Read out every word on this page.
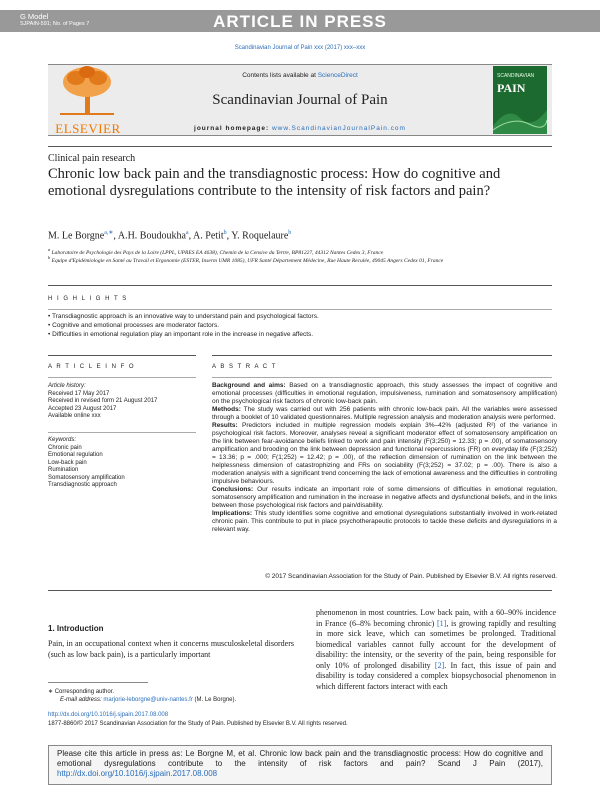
ARTICLE IN PRESS
G Model
SJPAIN-591; No. of Pages 7
Scandinavian Journal of Pain xxx (2017) xxx–xxx
ELSEVIER
Contents lists available at ScienceDirect
Scandinavian Journal of Pain
journal homepage: www.ScandinavianJournalPain.com
SCANDINAVIAN
PAIN
Clinical pain research
Chronic low back pain and the transdiagnostic process: How do cognitive and emotional dysregulations contribute to the intensity of risk factors and pain?
M. Le Borgne$^{a,∗}$, A.H. Boudoukha$^a$, A. Petit$^b$, Y. Roquelaure$^b$
$^a$ Laboratoire de Psychologie des Pays de la Loire (LPPL, UPRES EA 4638), Chemin de la Censive du Tertre, BP81227, 44312 Nantes Cedex 3, France
$^b$ Equipe d'Epidémiologie en Santé au Travail et Ergonomie (ESTER, Inserm UMR 1085), UFR Santé Département Médecine, Rue Haute Reculée, 49045 Angers Cedex 01, France
H I G H L I G H T S
• Transdiagnostic approach is an innovative way to understand pain and psychological factors.
• Cognitive and emotional processes are moderator factors.
• Difficulties in emotional regulation play an important role in the increase in negative affects.
A R T I C L E I N F O	A B S T R A C T
Article history:
Received 17 May 2017
Received in revised form 21 August 2017
Accepted 23 August 2017
Available online xxx
Keywords:
Chronic pain
Emotional regulation
Low-back pain
Rumination
Somatosensory amplification
Transdiagnostic approach
Background and aims: Based on a transdiagnostic approach, this study assesses the impact of cognitive and emotional processes (difficulties in emotional regulation, impulsiveness, rumination and somatosensory amplification) on the psychological risk factors of chronic low-back pain.
Methods: The study was carried out with 256 patients with chronic low-back pain. All the variables were assessed through a booklet of 10 validated questionnaires. Multiple regression analysis and moderation analysis were performed.
Results: Predictors included in multiple regression models explain 3%–42% (adjusted R²) of the variance in psychological risk factors. Moreover, analyses reveal a significant moderator effect of somatosensory amplification on the link between fear-avoidance beliefs linked to work and pain intensity (F(3;250) = 12.33; p = .00), of somatosensory amplification and brooding on the link between depression and functional repercussions (FR) on everyday life (F(3;252) = 13.36; p = .000; F(1;252) = 12.42; p = .00), of the reflection dimension of rumination on the link between the helplessness dimension of catastrophizing and FRs on sociability (F(3;252) = 37.02; p = .00). There is also a moderation analysis with a significant trend concerning the lack of emotional awareness and the difficulties in controlling impulsive behaviours.
Conclusions: Our results indicate an important role of some dimensions of difficulties in emotional regulation, somatosensory amplification and rumination in the increase in negative affects and dysfunctional beliefs, and in the links between those psychological risk factors and pain/disability.
Implications: This study identifies some cognitive and emotional dysregulations substantially involved in work-related chronic pain. This contribute to put in place psychotherapeutic protocols to tackle these deficits and dysregulations in a relevant way.
© 2017 Scandinavian Association for the Study of Pain. Published by Elsevier B.V. All rights reserved.
1. Introduction
Pain, in an occupational context when it concerns musculoskeletal disorders (such as low back pain), is a particularly important
phenomenon in most countries. Low back pain, with a 60–90% incidence in France (6–8% becoming chronic) [1], is growing rapidly and resulting in more sick leave, which can sometimes be prolonged. Traditional biomedical variables cannot fully account for the development of disability: the intensity, or the severity of the pain, being responsible for only 10% of prolonged disability [2]. In fact, this issue of pain and disability is today considered a complex biopsychosocial phenomenon in which different factors interact with each
∗ Corresponding author.
E-mail address: marjorie-leborgne@univ-nantes.fr (M. Le Borgne).
http://dx.doi.org/10.1016/j.sjpain.2017.08.008
1877-8860/© 2017 Scandinavian Association for the Study of Pain. Published by Elsevier B.V. All rights reserved.
Please cite this article in press as: Le Borgne M, et al. Chronic low back pain and the transdiagnostic process: How do cognitive and emotional dysregulations contribute to the intensity of risk factors and pain? Scand J Pain (2017), http://dx.doi.org/10.1016/j.sjpain.2017.08.008
